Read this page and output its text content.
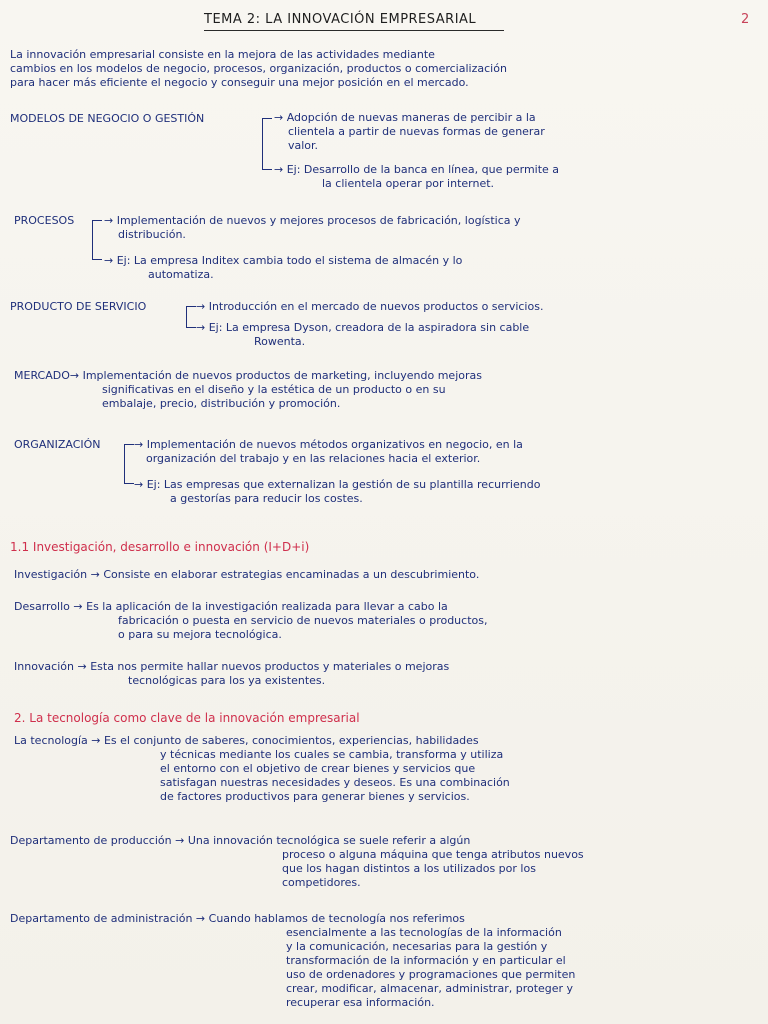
TEMA 2: LA INNOVACIÓN EMPRESARIAL	2
La innovación empresarial consiste en la mejora de las actividades mediante
cambios en los modelos de negocio, procesos, organización, productos o comercialización
para hacer más eficiente el negocio y conseguir una mejor posición en el mercado.
MODELOS DE NEGOCIO O GESTIÓN	→ Adopción de nuevas maneras de percibir a la
clientela a partir de nuevas formas de generar
valor.
→ Ej: Desarrollo de la banca en línea, que permite a
la clientela operar por internet.
PROCESOS	→ Implementación de nuevos y mejores procesos de fabricación, logística y
distribución.
→ Ej: La empresa Inditex cambia todo el sistema de almacén y lo
automatiza.
PRODUCTO DE SERVICIO	→ Introducción en el mercado de nuevos productos o servicios.
→ Ej: La empresa Dyson, creadora de la aspiradora sin cable
Rowenta.
MERCADO→ Implementación de nuevos productos de marketing, incluyendo mejoras
significativas en el diseño y la estética de un producto o en su
embalaje, precio, distribución y promoción.
ORGANIZACIÓN	→ Implementación de nuevos métodos organizativos en negocio, en la
organización del trabajo y en las relaciones hacia el exterior.
→ Ej: Las empresas que externalizan la gestión de su plantilla recurriendo
a gestorías para reducir los costes.
1.1 Investigación, desarrollo e innovación (I+D+i)
Investigación → Consiste en elaborar estrategias encaminadas a un descubrimiento.
Desarrollo → Es la aplicación de la investigación realizada para llevar a cabo la
fabricación o puesta en servicio de nuevos materiales o productos,
o para su mejora tecnológica.
Innovación → Esta nos permite hallar nuevos productos y materiales o mejoras
tecnológicas para los ya existentes.
2. La tecnología como clave de la innovación empresarial
La tecnología → Es el conjunto de saberes, conocimientos, experiencias, habilidades
y técnicas mediante los cuales se cambia, transforma y utiliza
el entorno con el objetivo de crear bienes y servicios que
satisfagan nuestras necesidades y deseos. Es una combinación
de factores productivos para generar bienes y servicios.
Departamento de producción → Una innovación tecnológica se suele referir a algún
proceso o alguna máquina que tenga atributos nuevos
que los hagan distintos a los utilizados por los
competidores.
Departamento de administración → Cuando hablamos de tecnología nos referimos
esencialmente a las tecnologías de la información
y la comunicación, necesarias para la gestión y
transformación de la información y en particular el
uso de ordenadores y programaciones que permiten
crear, modificar, almacenar, administrar, proteger y
recuperar esa información.
